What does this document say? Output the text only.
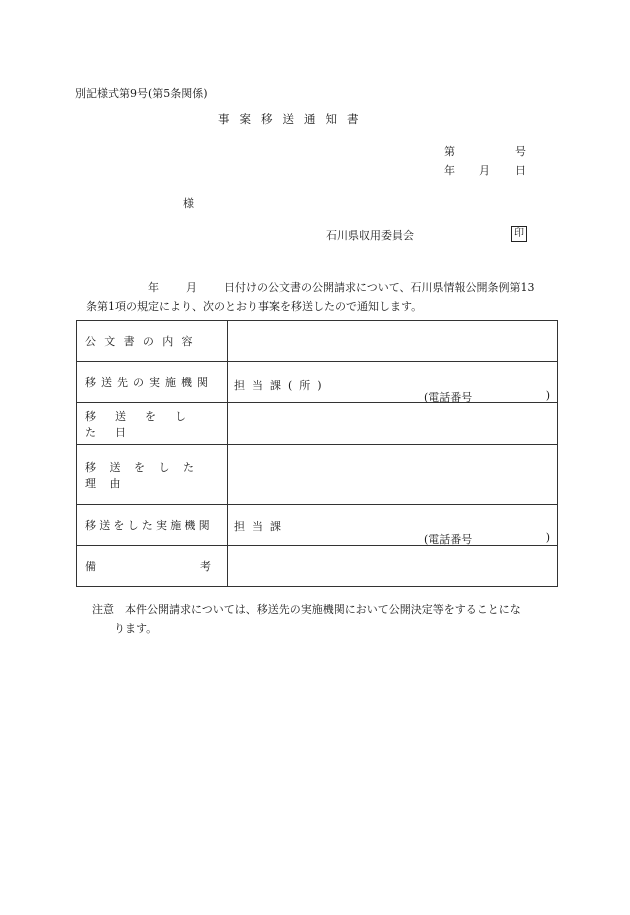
別記様式第9号(第5条関係)
事案移送通知書
第	号
年 月 日
様
石川県収用委員会	印
年 月 日付けの公文書の公開請求について、石川県情報公開条例第13
条第1項の規定により、次のとおり事案を移送したので通知します。
公文書の内容	
移送先の実施機関	担当課(所)
(電話番号 )

移送をした日	
移送をした理由	
移送をした実施機関	担当課
(電話番号 )

備 考	

注意　本件公開請求については、移送先の実施機関において公開決定等をすることにな
ります。
